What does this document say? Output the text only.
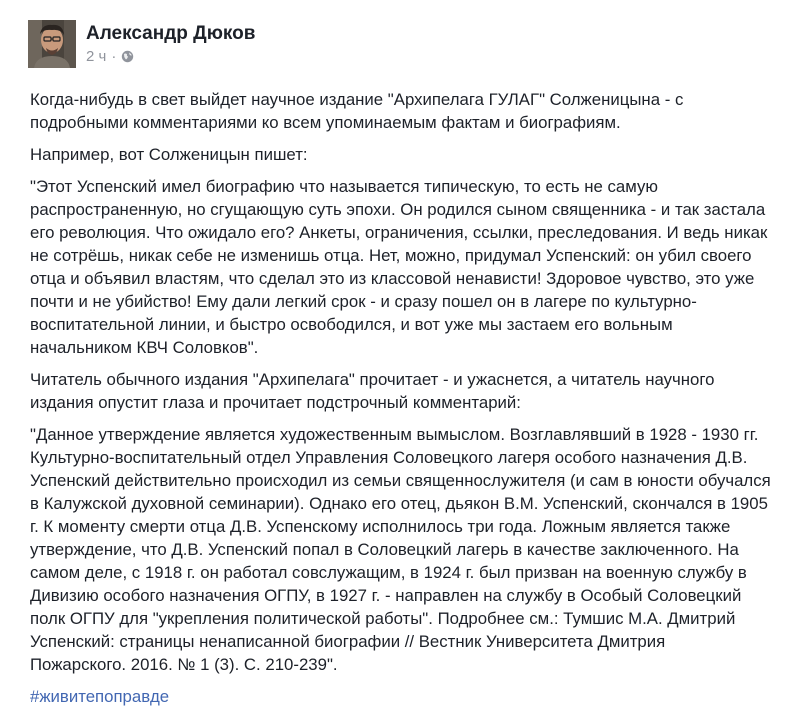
Александр Дюков
2 ч ·

Когда-нибудь в свет выйдет научное издание "Архипелага ГУЛАГ" Солженицына - с
подробными комментариями ко всем упоминаемым фактам и биографиям.

Например, вот Солженицын пишет:

"Этот Успенский имел биографию что называется типическую, то есть не самую
распространенную, но сгущающую суть эпохи. Он родился сыном священника - и так застала
его революция. Что ожидало его? Анкеты, ограничения, ссылки, преследования. И ведь никак
не сотрёшь, никак себе не изменишь отца. Нет, можно, придумал Успенский: он убил своего
отца и объявил властям, что сделал это из классовой ненависти! Здоровое чувство, это уже
почти и не убийство! Ему дали легкий срок - и сразу пошел он в лагере по культурно-
воспитательной линии, и быстро освободился, и вот уже мы застаем его вольным
начальником КВЧ Соловков".

Читатель обычного издания "Архипелага" прочитает - и ужаснется, а читатель научного
издания опустит глаза и прочитает подстрочный комментарий:

"Данное утверждение является художественным вымыслом. Возглавлявший в 1928 - 1930 гг.
Культурно-воспитательный отдел Управления Соловецкого лагеря особого назначения Д.В.
Успенский действительно происходил из семьи священнослужителя (и сам в юности обучался
в Калужской духовной семинарии). Однако его отец, дьякон В.М. Успенский, скончался в 1905
г. К моменту смерти отца Д.В. Успенскому исполнилось три года. Ложным является также
утверждение, что Д.В. Успенский попал в Соловецкий лагерь в качестве заключенного. На
самом деле, с 1918 г. он работал совслужащим, в 1924 г. был призван на военную службу в
Дивизию особого назначения ОГПУ, в 1927 г. - направлен на службу в Особый Соловецкий
полк ОГПУ для "укрепления политической работы". Подробнее см.: Тумшис М.А. Дмитрий
Успенский: страницы ненаписанной биографии // Вестник Университета Дмитрия
Пожарского. 2016. № 1 (3). С. 210-239".

#живитепоправде
